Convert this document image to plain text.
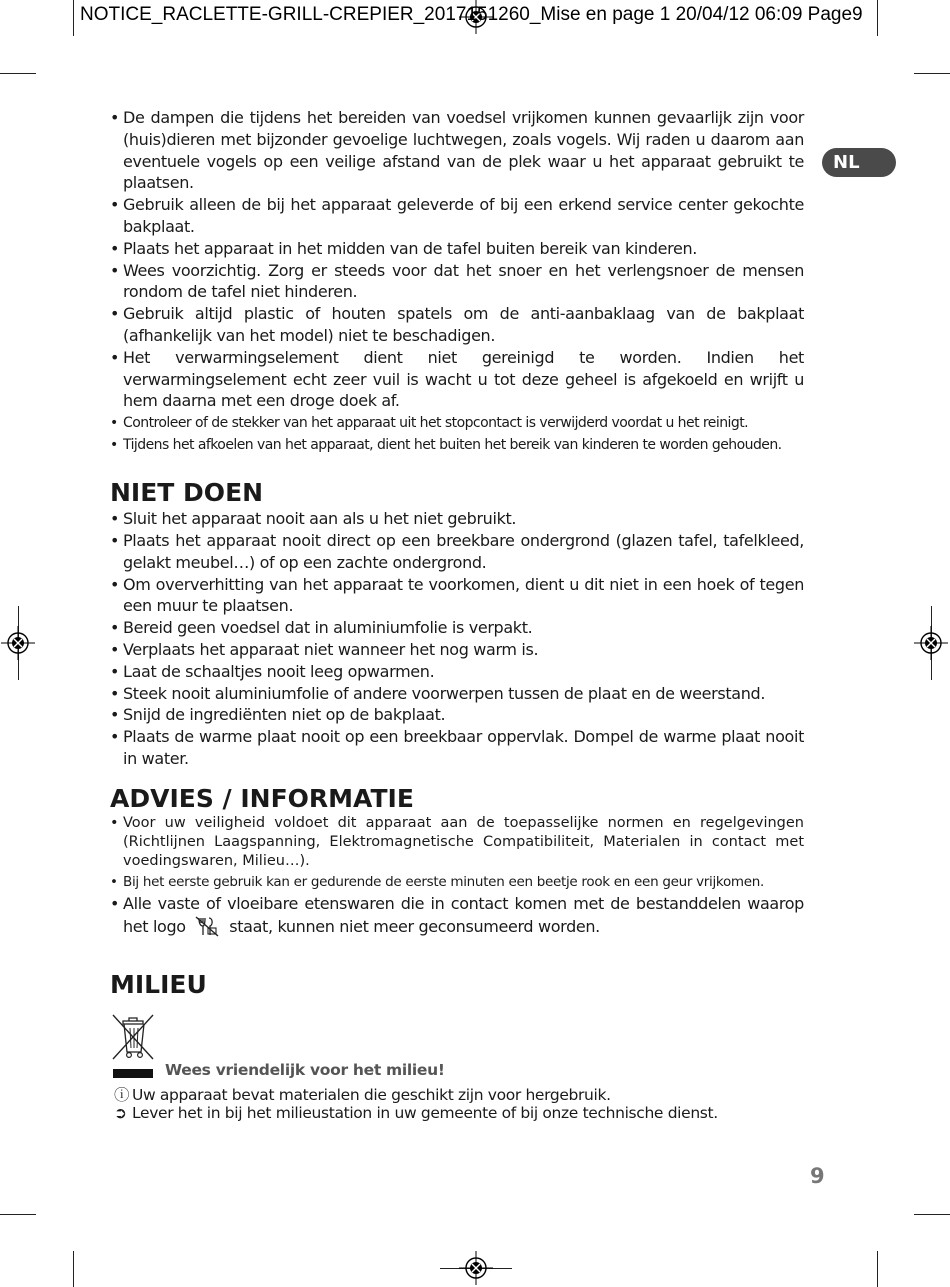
NOTICE_RACLETTE-GRILL-CREPIER_2017151260_Mise en page 1 20/04/12 06:09 Page9
NL
• De dampen die tijdens het bereiden van voedsel vrijkomen kunnen gevaarlijk zijn voor (huis)dieren met bijzonder gevoelige luchtwegen, zoals vogels. Wij raden u daarom aan eventuele vogels op een veilige afstand van de plek waar u het apparaat gebruikt te plaatsen.
• Gebruik alleen de bij het apparaat geleverde of bij een erkend service center gekochte bakplaat.
• Plaats het apparaat in het midden van de tafel buiten bereik van kinderen.
• Wees voorzichtig. Zorg er steeds voor dat het snoer en het verlengsnoer de mensen rondom de tafel niet hinderen.
• Gebruik altijd plastic of houten spatels om de anti-aanbaklaag van de bakplaat (afhankelijk van het model) niet te beschadigen.
• Het verwarmingselement dient niet gereinigd te worden. Indien het verwarmingselement echt zeer vuil is wacht u tot deze geheel is afgekoeld en wrijft u hem daarna met een droge doek af.
• Controleer of de stekker van het apparaat uit het stopcontact is verwijderd voordat u het reinigt.
• Tijdens het afkoelen van het apparaat, dient het buiten het bereik van kinderen te worden gehouden.
NIET DOEN
• Sluit het apparaat nooit aan als u het niet gebruikt.
• Plaats het apparaat nooit direct op een breekbare ondergrond (glazen tafel, tafelkleed, gelakt meubel…) of op een zachte ondergrond.
• Om oververhitting van het apparaat te voorkomen, dient u dit niet in een hoek of tegen een muur te plaatsen.
• Bereid geen voedsel dat in aluminiumfolie is verpakt.
• Verplaats het apparaat niet wanneer het nog warm is.
• Laat de schaaltjes nooit leeg opwarmen.
• Steek nooit aluminiumfolie of andere voorwerpen tussen de plaat en de weerstand.
• Snijd de ingrediënten niet op de bakplaat.
• Plaats de warme plaat nooit op een breekbaar oppervlak. Dompel de warme plaat nooit in water.
ADVIES / INFORMATIE
• Voor uw veiligheid voldoet dit apparaat aan de toepasselijke normen en regelgevingen (Richtlijnen Laagspanning, Elektromagnetische Compatibiliteit, Materialen in contact met voedingswaren, Milieu…).
• Bij het eerste gebruik kan er gedurende de eerste minuten een beetje rook en een geur vrijkomen.
• Alle vaste of vloeibare etenswaren die in contact komen met de bestanddelen waarop het logo	staat, kunnen niet meer geconsumeerd worden.
MILIEU
Wees vriendelijk voor het milieu!
ⓘ Uw apparaat bevat materialen die geschikt zijn voor hergebruik.
➲ Lever het in bij het milieustation in uw gemeente of bij onze technische dienst.
9
